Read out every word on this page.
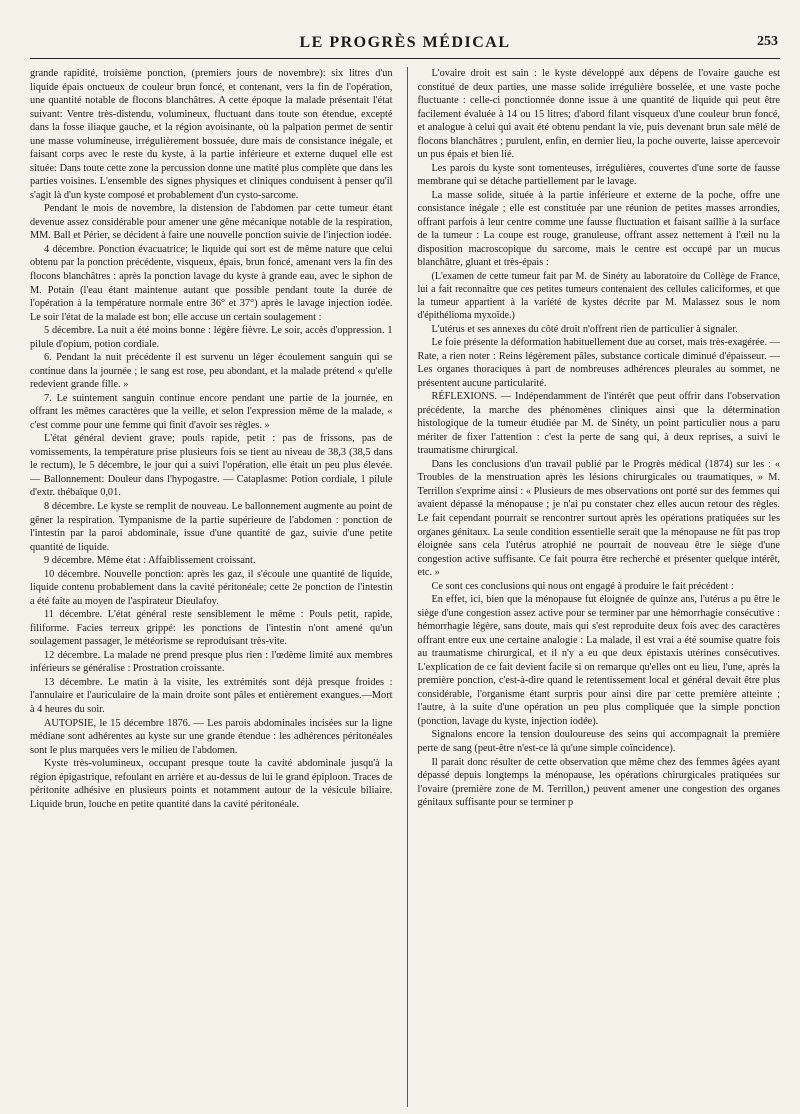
LE PROGRÈS MÉDICAL	253

grande rapidité, troisième ponction, (premiers jours de novembre): six litres d'un liquide épais onctueux de couleur brun foncé, et contenant, vers la fin de l'opération, une quantité notable de flocons blanchâtres. A cette époque la malade présentait l'état suivant: Ventre très-distendu, volumineux, fluctuant dans toute son étendue, excepté dans la fosse iliaque gauche, et la région avoisinante, où la palpation permet de sentir une masse volumineuse, irrégulièrement bossuée, dure mais de consistance inégale, et faisant corps avec le reste du kyste, à la partie inférieure et externe duquel elle est située: Dans toute cette zone la percussion donne une matité plus complète que dans les parties voisines. L'ensemble des signes physiques et cliniques conduisent à penser qu'il s'agit là d'un kyste composé et probablement d'un cysto-sarcome.

Pendant le mois de novembre, la distension de l'abdomen par cette tumeur étant devenue assez considérable pour amener une gêne mécanique notable de la respiration, MM. Ball et Périer, se décident à faire une nouvelle ponction suivie de l'injection iodée.

4 décembre. Ponction évacuatrice; le liquide qui sort est de même nature que celui obtenu par la ponction précédente, visqueux, épais, brun foncé, amenant vers la fin des flocons blanchâtres : après la ponction lavage du kyste à grande eau, avec le siphon de M. Potain (l'eau étant maintenue autant que possible pendant toute la durée de l'opération à la température normale entre 36° et 37°) après le lavage injection iodée. Le soir l'état de la malade est bon; elle accuse un certain soulagement :

5 décembre. La nuit a été moins bonne : légère fièvre. Le soir, accès d'oppression. 1 pilule d'opium, potion cordiale.

6. Pendant la nuit précédente il est survenu un léger écoulement sanguin qui se continue dans la journée ; le sang est rose, peu abondant, et la malade prétend « qu'elle redevient grande fille. »

7. Le suintement sanguin continue encore pendant une partie de la journée, en offrant les mêmes caractères que la veille, et selon l'expression même de la malade, « c'est comme pour une femme qui finit d'avoir ses règles. »

L'état général devient grave; pouls rapide, petit : pas de frissons, pas de vomissements, la température prise plusieurs fois se tient au niveau de 38,3 (38,5 dans le rectum), le 5 décembre, le jour qui a suivi l'opération, elle était un peu plus élevée. — Ballonnement: Douleur dans l'hypogastre. — Cataplasme: Potion cordiale, 1 pilule d'extr. thébaïque 0,01.

8 décembre. Le kyste se remplit de nouveau. Le ballonnement augmente au point de gêner la respiration. Tympanisme de la partie supérieure de l'abdomen : ponction de l'intestin par la paroi abdominale, issue d'une quantité de gaz, suivie d'une petite quantité de liquide.

9 décembre. Même état : Affaiblissement croissant.

10 décembre. Nouvelle ponction: après les gaz, il s'écoule une quantité de liquide, liquide contenu probablement dans la cavité péritonéale; cette 2e ponction de l'intestin a été faite au moyen de l'aspirateur Dieulafoy.

11 décembre. L'état général reste sensiblement le même : Pouls petit, rapide, filiforme. Facies terreux grippé: les ponctions de l'intestin n'ont amené qu'un soulagement passager, le météorisme se reproduisant très-vite.

12 décembre. La malade ne prend presque plus rien : l'œdème limité aux membres inférieurs se généralise : Prostration croissante.

13 décembre. Le matin à la visite, les extrémités sont déjà presque froides : l'annulaire et l'auriculaire de la main droite sont pâles et entièrement exangues.—Mort à 4 heures du soir.

AUTOPSIE, le 15 décembre 1876. — Les parois abdominales incisées sur la ligne médiane sont adhérentes au kyste sur une grande étendue : les adhérences péritonéales sont le plus marquées vers le milieu de l'abdomen.

Kyste très-volumineux, occupant presque toute la cavité abdominale jusqu'à la région épigastrique, refoulant en arrière et au-dessus de lui le grand épiploon. Traces de péritonite adhésive en plusieurs points et notamment autour de la vésicule biliaire. Liquide brun, louche en petite quantité dans la cavité péritonéale.

L'ovaire droit est sain : le kyste développé aux dépens de l'ovaire gauche est constitué de deux parties, une masse solide irrégulière bosselée, et une vaste poche fluctuante : celle-ci ponctionnée donne issue à une quantité de liquide qui peut être facilement évaluée à 14 ou 15 litres; d'abord filant visqueux d'une couleur brun foncé, et analogue à celui qui avait été obtenu pendant la vie, puis devenant brun sale mêlé de flocons blanchâtres ; purulent, enfin, en dernier lieu, la poche ouverte, laisse apercevoir un pus épais et bien lié.

Les parois du kyste sont tomenteuses, irrégulières, couvertes d'une sorte de fausse membrane qui se détache partiellement par le lavage.

La masse solide, située à la partie inférieure et externe de la poche, offre une consistance inégale ; elle est constituée par une réunion de petites masses arrondies, offrant parfois à leur centre comme une fausse fluctuation et faisant saillie à la surface de la tumeur : La coupe est rouge, granuleuse, offrant assez nettement à l'œil nu la disposition macroscopique du sarcome, mais le centre est occupé par un mucus blanchâtre, gluant et très-épais :

(L'examen de cette tumeur fait par M. de Sinéty au laboratoire du Collège de France, lui a fait reconnaître que ces petites tumeurs contenaient des cellules caliciformes, et que la tumeur appartient à la variété de kystes décrite par M. Malassez sous le nom d'épithélioma myxoïde.)

L'utérus et ses annexes du côté droit n'offrent rien de particulier à signaler.

Le foie présente la déformation habituellement due au corset, mais très-exagérée. — Rate, a rien noter : Reins légèrement pâles, substance corticale diminué d'épaisseur. — Les organes thoraciques à part de nombreuses adhérences pleurales au sommet, ne présentent aucune particularité.

RÉFLEXIONS. — Indépendamment de l'intérêt que peut offrir dans l'observation précédente, la marche des phénomènes cliniques ainsi que la détermination histologique de la tumeur étudiée par M. de Sinéty, un point particulier nous a paru mériter de fixer l'attention : c'est la perte de sang qui, à deux reprises, a suivi le traumatisme chirurgical.

Dans les conclusions d'un travail publié par le Progrès médical (1874) sur les : « Troubles de la menstruation après les lésions chirurgicales ou traumatiques, » M. Terrillon s'exprime ainsi : « Plusieurs de mes observations ont porté sur des femmes qui avaient dépassé la ménopause ; je n'ai pu constater chez elles aucun retour des règles. Le fait cependant pourrait se rencontrer surtout après les opérations pratiquées sur les organes génitaux. La seule condition essentielle serait que la ménopause ne fût pas trop éloignée sans cela l'utérus atrophié ne pourrait de nouveau être le siège d'une congestion active suffisante. Ce fait pourra être recherché et présenter quelque intérêt, etc. »

Ce sont ces conclusions qui nous ont engagé à produire le fait précédent :

En effet, ici, bien que la ménopause fut éloignée de quinze ans, l'utérus a pu être le siège d'une congestion assez active pour se terminer par une hémorrhagie consécutive : hémorrhagie légère, sans doute, mais qui s'est reproduite deux fois avec des caractères offrant entre eux une certaine analogie : La malade, il est vrai a été soumise quatre fois au traumatisme chirurgical, et il n'y a eu que deux épistaxis utérines consécutives. L'explication de ce fait devient facile si on remarque qu'elles ont eu lieu, l'une, après la première ponction, c'est-à-dire quand le retentissement local et général devait être plus considérable, l'organisme étant surpris pour ainsi dire par cette première atteinte ; l'autre, à la suite d'une opération un peu plus compliquée que la simple ponction (ponction, lavage du kyste, injection iodée).

Signalons encore la tension douloureuse des seins qui accompagnait la première perte de sang (peut-être n'est-ce là qu'une simple coïncidence).

Il parait donc résulter de cette observation que même chez des femmes âgées ayant dépassé depuis longtemps la ménopause, les opérations chirurgicales pratiquées sur l'ovaire (première zone de M. Terrillon,) peuvent amener une congestion des organes génitaux suffisante pour se terminer p
